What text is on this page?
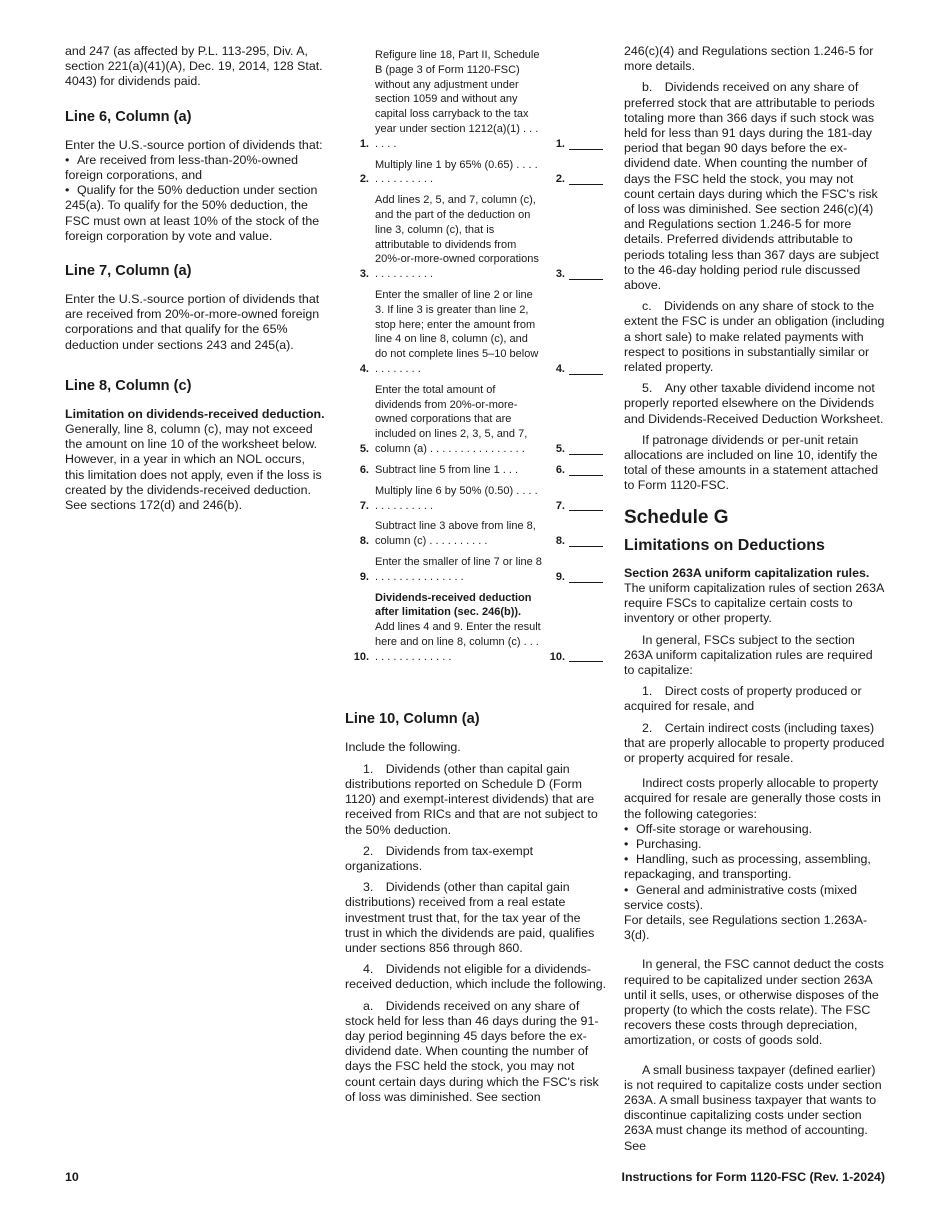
and 247 (as affected by P.L. 113-295, Div. A, section 221(a)(41)(A), Dec. 19, 2014, 128 Stat. 4043) for dividends paid.

Line 6, Column (a)

Enter the U.S.-source portion of dividends that:

• Are received from less-than-20%-owned foreign corporations, and
• Qualify for the 50% deduction under section 245(a). To qualify for the 50% deduction, the FSC must own at least 10% of the stock of the foreign corporation by vote and value.
Line 7, Column (a)

Enter the U.S.-source portion of dividends that are received from 20%-or-more-owned foreign corporations and that qualify for the 65% deduction under sections 243 and 245(a).

Line 8, Column (c)

Limitation on dividends-received deduction. Generally, line 8, column (c), may not exceed the amount on line 10 of the worksheet below. However, in a year in which an NOL occurs, this limitation does not apply, even if the loss is created by the dividends-received deduction. See sections 172(d) and 246(b).

1.
Refigure line 18, Part II, Schedule B (page 3 of Form 1120-FSC) without any adjustment under section 1059 and without any capital loss carryback to the tax year under section 1212(a)(1) . . . . . . .	1.
2.
Multiply line 1 by 65% (0.65) . . . . . . . . . . . . . .	2.
3.
Add lines 2, 5, and 7, column (c), and the part of the deduction on line 3, column (c), that is attributable to dividends from 20%-or-more-owned corporations . . . . . . . . . .	3.
4.
Enter the smaller of line 2 or line 3. If line 3 is greater than line 2, stop here; enter the amount from line 4 on line 8, column (c), and do not complete lines 5–10 below . . . . . . . .	4.
5.
Enter the total amount of dividends from 20%-or-more-owned corporations that are included on lines 2, 3, 5, and 7, column (a) . . . . . . . . . . . . . . . .	5.
6. Subtract line 5 from line 1 . . .	6.
7.
Multiply line 6 by 50% (0.50) . . . . . . . . . . . . . .	7.
8.
Subtract line 3 above from line 8, column (c) . . . . . . . . . .	8.
9.
Enter the smaller of line 7 or line 8 . . . . . . . . . . . . . . .	9.
10.
Dividends-received deduction after limitation (sec. 246(b)). Add lines 4 and 9. Enter the result here and on line 8, column (c) . . . . . . . . . . . . . . . .	10.
Line 10, Column (a)

Include the following.

1. Dividends (other than capital gain distributions reported on Schedule D (Form 1120) and exempt-interest dividends) that are received from RICs and that are not subject to the 50% deduction.

2. Dividends from tax-exempt organizations.

3. Dividends (other than capital gain distributions) received from a real estate investment trust that, for the tax year of the trust in which the dividends are paid, qualifies under sections 856 through 860.

4. Dividends not eligible for a dividends-received deduction, which include the following.

a. Dividends received on any share of stock held for less than 46 days during the 91-day period beginning 45 days before the ex-dividend date. When counting the number of days the FSC held the stock, you may not count certain days during which the FSC's risk of loss was diminished. See section

246(c)(4) and Regulations section 1.246-5 for more details.

b. Dividends received on any share of preferred stock that are attributable to periods totaling more than 366 days if such stock was held for less than 91 days during the 181-day period that began 90 days before the ex-dividend date. When counting the number of days the FSC held the stock, you may not count certain days during which the FSC's risk of loss was diminished. See section 246(c)(4) and Regulations section 1.246-5 for more details. Preferred dividends attributable to periods totaling less than 367 days are subject to the 46-day holding period rule discussed above.

c. Dividends on any share of stock to the extent the FSC is under an obligation (including a short sale) to make related payments with respect to positions in substantially similar or related property.

5. Any other taxable dividend income not properly reported elsewhere on the Dividends and Dividends-Received Deduction Worksheet.

If patronage dividends or per-unit retain allocations are included on line 10, identify the total of these amounts in a statement attached to Form 1120-FSC.

Schedule G
Limitations on Deductions

Section 263A uniform capitalization rules. The uniform capitalization rules of section 263A require FSCs to capitalize certain costs to inventory or other property.

In general, FSCs subject to the section 263A uniform capitalization rules are required to capitalize:

1. Direct costs of property produced or acquired for resale, and

2. Certain indirect costs (including taxes) that are properly allocable to property produced or property acquired for resale.

Indirect costs properly allocable to property acquired for resale are generally those costs in the following categories:

• Off-site storage or warehousing.
• Purchasing.
• Handling, such as processing, assembling, repackaging, and transporting.
• General and administrative costs (mixed service costs).

For details, see Regulations section 1.263A-3(d).

In general, the FSC cannot deduct the costs required to be capitalized under section 263A until it sells, uses, or otherwise disposes of the property (to which the costs relate). The FSC recovers these costs through depreciation, amortization, or costs of goods sold.

A small business taxpayer (defined earlier) is not required to capitalize costs under section 263A. A small business taxpayer that wants to discontinue capitalizing costs under section 263A must change its method of accounting. See

10	Instructions for Form 1120-FSC (Rev. 1-2024)
